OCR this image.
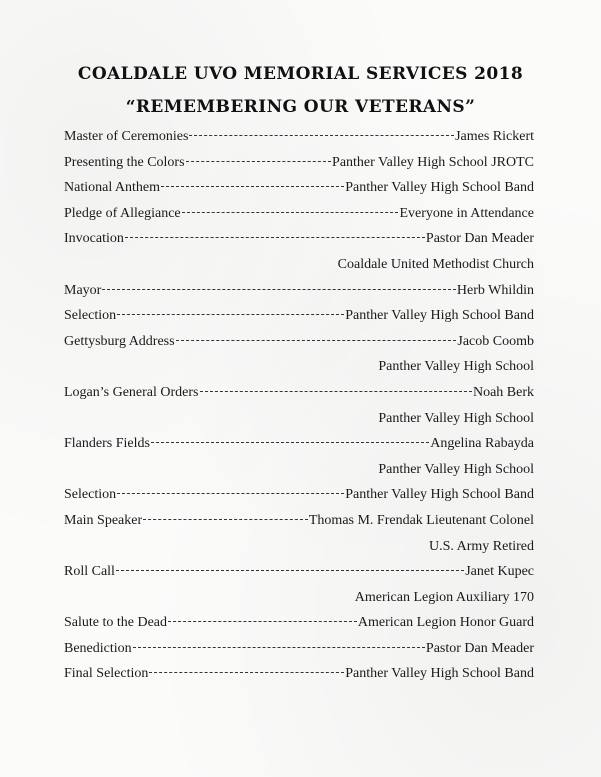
COALDALE UVO MEMORIAL SERVICES 2018
“REMEMBERING OUR VETERANS”
Master of Ceremonies	James Rickert
Presenting the Colors	Panther Valley High School JROTC
National Anthem	Panther Valley High School Band
Pledge of Allegiance	Everyone in Attendance
Invocation	Pastor Dan Meader
Coaldale United Methodist Church
Mayor	Herb Whildin
Selection	Panther Valley High School Band
Gettysburg Address	Jacob Coomb
Panther Valley High School
Logan’s General Orders	Noah Berk
Panther Valley High School
Flanders Fields	Angelina Rabayda
Panther Valley High School
Selection	Panther Valley High School Band
Main Speaker	Thomas M. Frendak Lieutenant Colonel
U.S. Army Retired
Roll Call	Janet Kupec
American Legion Auxiliary 170
Salute to the Dead	American Legion Honor Guard
Benediction	Pastor Dan Meader
Final Selection	Panther Valley High School Band
